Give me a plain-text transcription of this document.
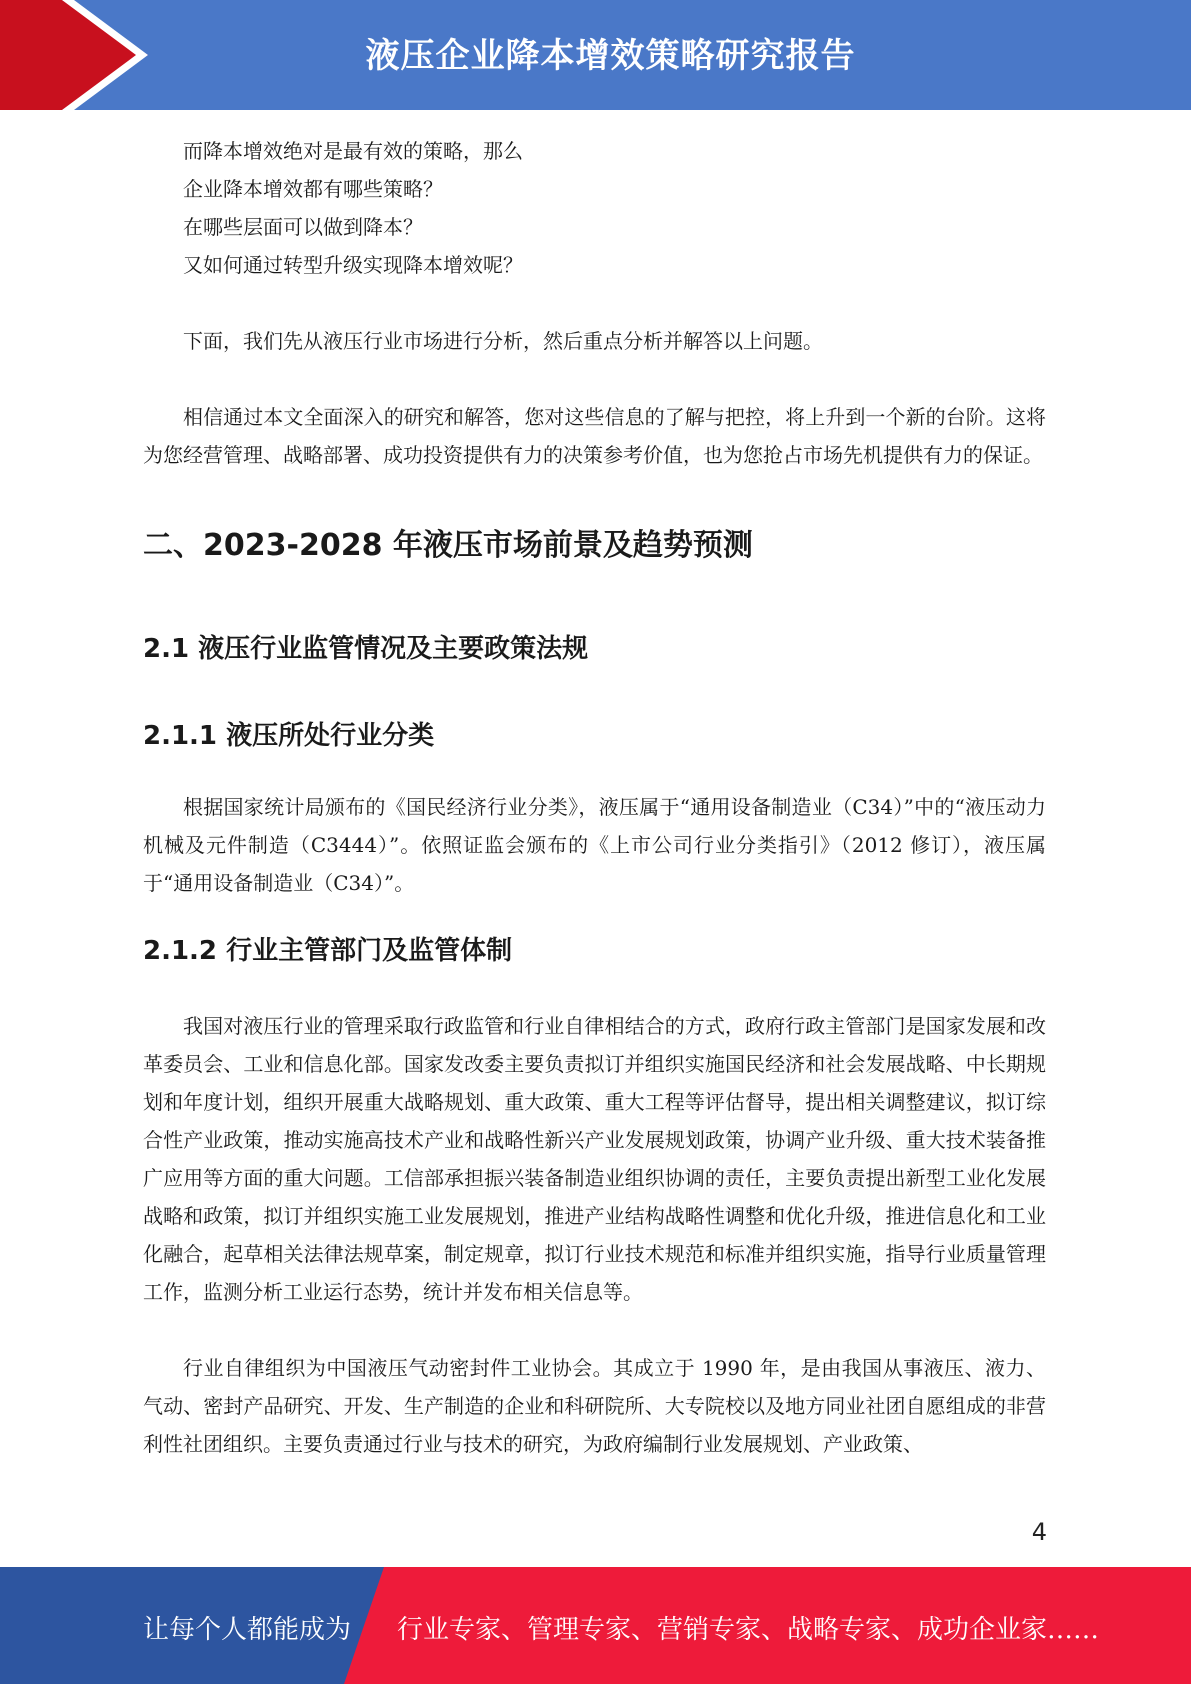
液压企业降本增效策略研究报告

而降本增效绝对是最有效的策略，那么

企业降本增效都有哪些策略？

在哪些层面可以做到降本？

又如何通过转型升级实现降本增效呢？

下面，我们先从液压行业市场进行分析，然后重点分析并解答以上问题。

相信通过本文全面深入的研究和解答，您对这些信息的了解与把控，将上升到一个新的台阶。这将为您经营管理、战略部署、成功投资提供有力的决策参考价值，也为您抢占市场先机提供有力的保证。

二、2023-2028 年液压市场前景及趋势预测
2.1 液压行业监管情况及主要政策法规
2.1.1 液压所处行业分类

根据国家统计局颁布的《国民经济行业分类》，液压属于“通用设备制造业（C34）”中的“液压动力机械及元件制造（C3444）”。依照证监会颁布的《上市公司行业分类指引》（2012 修订），液压属于“通用设备制造业（C34）”。

2.1.2 行业主管部门及监管体制

我国对液压行业的管理采取行政监管和行业自律相结合的方式，政府行政主管部门是国家发展和改革委员会、工业和信息化部。国家发改委主要负责拟订并组织实施国民经济和社会发展战略、中长期规划和年度计划，组织开展重大战略规划、重大政策、重大工程等评估督导，提出相关调整建议，拟订综合性产业政策，推动实施高技术产业和战略性新兴产业发展规划政策，协调产业升级、重大技术装备推广应用等方面的重大问题。工信部承担振兴装备制造业组织协调的责任，主要负责提出新型工业化发展战略和政策，拟订并组织实施工业发展规划，推进产业结构战略性调整和优化升级，推进信息化和工业化融合，起草相关法律法规草案，制定规章，拟订行业技术规范和标准并组织实施，指导行业质量管理工作，监测分析工业运行态势，统计并发布相关信息等。

行业自律组织为中国液压气动密封件工业协会。其成立于 1990 年，是由我国从事液压、液力、气动、密封产品研究、开发、生产制造的企业和科研院所、大专院校以及地方同业社团自愿组成的非营利性社团组织。主要负责通过行业与技术的研究，为政府编制行业发展规划、产业政策、

4
让每个人都能成为 行业专家、管理专家、营销专家、战略专家、成功企业家……
